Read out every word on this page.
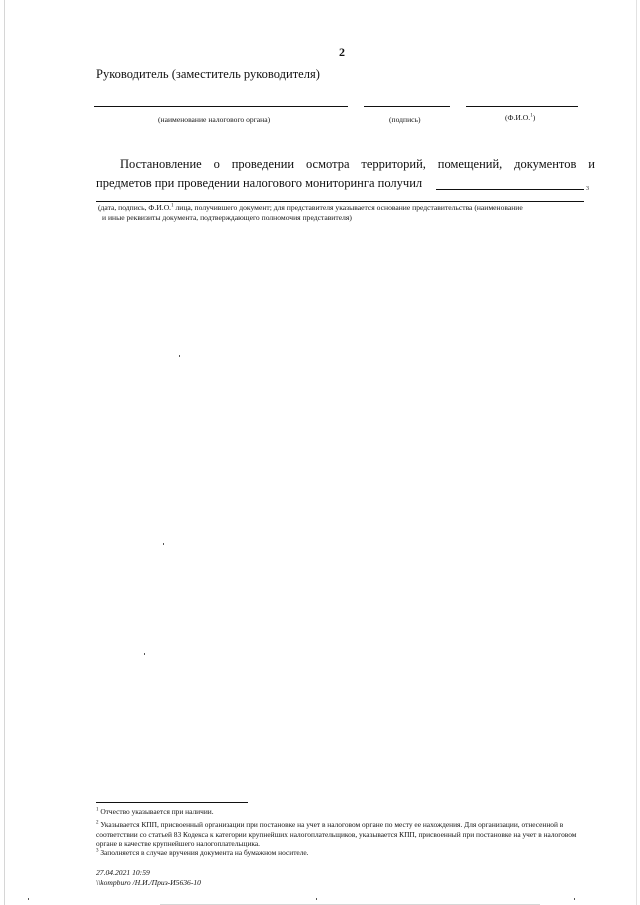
2
Руководитель (заместитель руководителя)
(наименование налогового органа)	(подпись)	(Ф.И.О.$^1$)
Постановление о проведении осмотра территорий, помещений, документов и
предметов при проведении налогового мониторинга получил	3
(дата, подпись, Ф.И.О.$^1$ лица, получившего документ; для представителя указывается основание представительства (наименование
и иные реквизиты документа, подтверждающего полномочия представителя)
$^1$ Отчество указывается при наличии.
$^2$ Указывается КПП, присвоенный организации при постановке на учет в налоговом органе по месту ее нахождения. Для организации, отнесенной в соответствии со статьей 83 Кодекса к категории крупнейших налогоплательщиков, указывается КПП, присвоенный при постановке на учет в налоговом органе в качестве крупнейшего налогоплательщика.
$^3$ Заполняется в случае вручения документа на бумажном носителе.
27.04.2021 10:59
\\kompburo /Н.И./Приз-И5636-10
